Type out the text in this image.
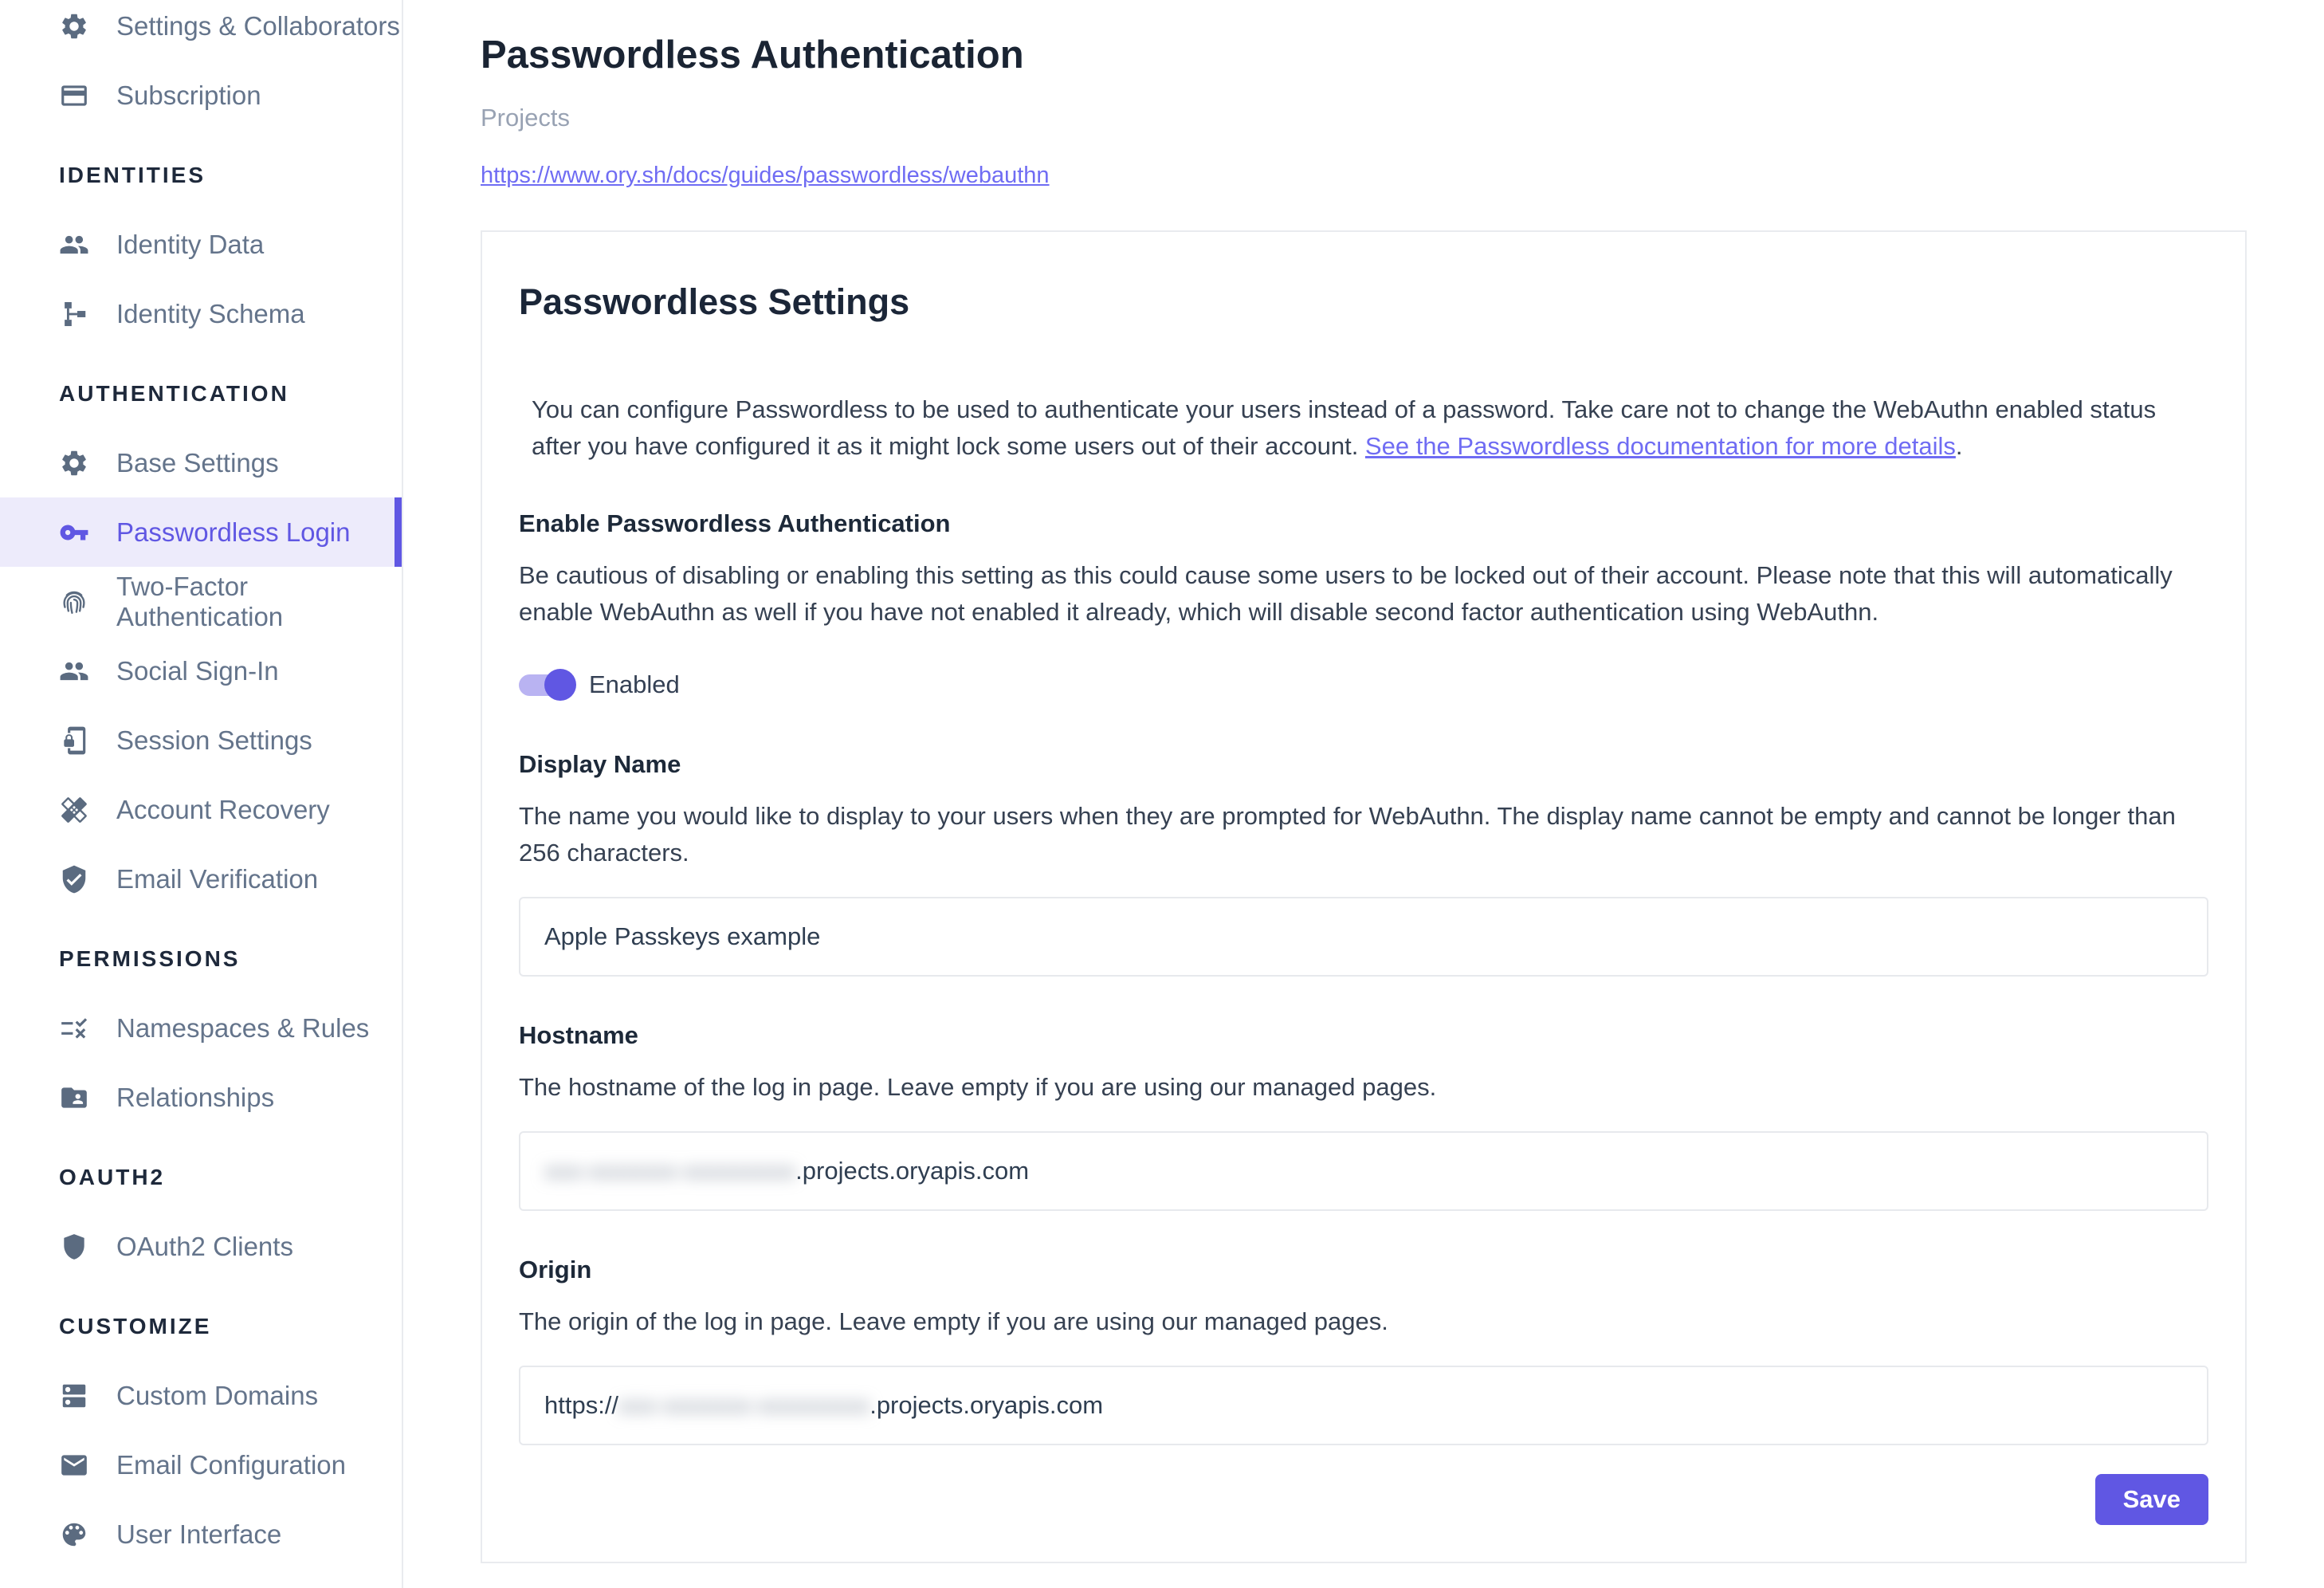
Settings & Collaborators
Subscription
IDENTITIES
Identity Data
Identity Schema
AUTHENTICATION
Base Settings
Passwordless Login
Two-Factor Authentication
Social Sign-In
Session Settings
Account Recovery
Email Verification
PERMISSIONS
Namespaces & Rules
Relationships
OAUTH2
OAuth2 Clients
CUSTOMIZE
Custom Domains
Email Configuration
User Interface
Passwordless Authentication
Projects
https://www.ory.sh/docs/guides/passwordless/webauthn
Passwordless Settings

You can configure Passwordless to be used to authenticate your users instead of a password. Take care not to change the WebAuthn enabled status after you have configured it as it might lock some users out of their account. See the Passwordless documentation for more details.

Enable Passwordless Authentication

Be cautious of disabling or enabling this setting as this could cause some users to be locked out of their account. Please note that this will automatically enable WebAuthn as well if you have not enabled it already, which will disable second factor authentication using WebAuthn.

Enabled
Display Name

The name you would like to display to your users when they are prompted for WebAuthn. The display name cannot be empty and cannot be longer than 256 characters.

Apple Passkeys example
Hostname

The hostname of the log in page. Leave empty if you are using our managed pages.

xxx-xxxxxxx-xxxxxxxxx .projects.oryapis.com
Origin

The origin of the log in page. Leave empty if you are using our managed pages.

https:// xxx-xxxxxxx-xxxxxxxxx .projects.oryapis.com
Save
